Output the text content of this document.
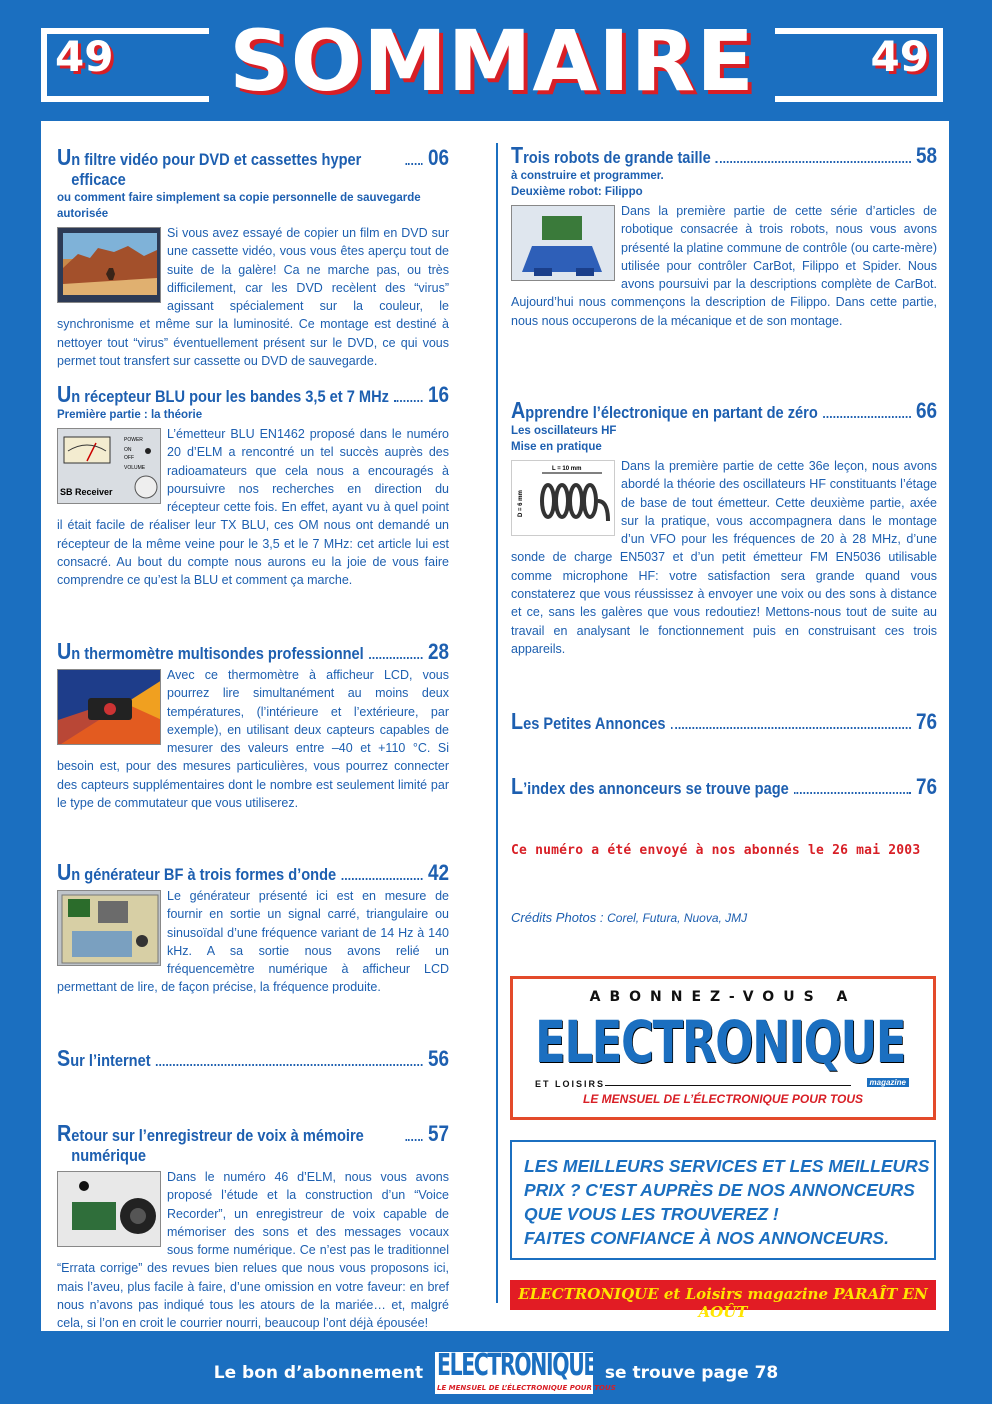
49	SOMMAIRE	49
U n filtre vidéo pour DVD et cassettes hyper efficace
06
ou comment faire simplement sa copie personnelle de sauvegarde autorisée
Si vous avez essayé de copier un film en DVD sur une cassette vidéo, vous vous êtes aperçu tout de suite de la galère! Ca ne marche pas, ou très difficilement, car les DVD recèlent des “virus” agissant spécialement sur la couleur, le synchronisme et même sur la luminosité. Ce montage est destiné à nettoyer tout “virus” éventuellement présent sur le DVD, ce qui vous permet tout transfert sur cassette ou DVD de sauvegarde.
U n récepteur BLU pour les bandes 3,5 et 7 MHz 16
Première partie : la théorie
POWER
ON
OFF
VOLUME
SB Receiver
L’émetteur BLU EN1462 proposé dans le numéro 20 d’ELM a rencontré un tel succès auprès des radioamateurs que cela nous a encouragés à poursuivre nos recherches en direction du récepteur cette fois. En effet, ayant vu à quel point il était facile de réaliser leur TX BLU, ces OM nous ont demandé un récepteur de la même veine pour le 3,5 et le 7 MHz: cet article lui est consacré. Au bout du compte nous aurons eu la joie de vous faire comprendre ce qu’est la BLU et comment ça marche.
U n thermomètre multisondes professionnel	28
Avec ce thermomètre à afficheur LCD, vous pourrez lire simultanément au moins deux températures, (l’intérieure et l’extérieure, par exemple), en utilisant deux capteurs capables de mesurer des valeurs entre –40 et +110 °C. Si besoin est, pour des mesures particulières, vous pourrez connecter des capteurs supplémentaires dont le nombre est seulement limité par le type de commutateur que vous utiliserez.
U n générateur BF à trois formes d’onde	42
Le générateur présenté ici est en mesure de fournir en sortie un signal carré, triangulaire ou sinusoïdal d’une fréquence variant de 14 Hz à 140 kHz. A sa sortie nous avons relié un fréquencemètre numérique à afficheur LCD permettant de lire, de façon précise, la fréquence produite.
S ur l’internet	56
R etour sur l’enregistreur de voix à mémoire numérique
57
Dans le numéro 46 d’ELM, nous vous avons proposé l’étude et la construction d’un “Voice Recorder”, un enregistreur de voix capable de mémoriser des sons et des messages vocaux sous forme numérique. Ce n’est pas le traditionnel “Errata corrige” des revues bien relues que nous vous proposons ici, mais l’aveu, plus facile à faire, d’une omission en votre faveur: en bref nous n’avons pas indiqué tous les atours de la mariée… et, malgré cela, si l’on en croit le courrier nourri, beaucoup l’ont déjà épousée!
T rois robots de grande taille	58
à construire et programmer.
Deuxième robot: Filippo
Dans la première partie de cette série d’articles de robotique consacrée à trois robots, nous vous avons présenté la platine commune de contrôle (ou carte-mère) utilisée pour contrôler CarBot, Filippo et Spider. Nous avons poursuivi par la descriptions complète de CarBot. Aujourd’hui nous commençons la description de Filippo. Dans cette partie, nous nous occuperons de la mécanique et de son montage.
A pprendre l’électronique en partant de zéro	66
Les oscillateurs HF
Mise en pratique
L = 10 mm
D = 6 mm
Dans la première partie de cette 36e leçon, nous avons abordé la théorie des oscillateurs HF constituants l’étage de base de tout émetteur. Cette deuxième partie, axée sur la pratique, vous accompagnera dans le montage d’un VFO pour les fréquences de 20 à 28 MHz, d’une sonde de charge EN5037 et d’un petit émetteur FM EN5036 utilisable comme microphone HF: votre satisfaction sera grande quand vous constaterez que vous réussissez à envoyer une voix ou des sons à distance et ce, sans les galères que vous redoutiez! Mettons-nous tout de suite au travail en analysant le fonctionnement puis en construisant ces trois appareils.
L es Petites Annonces	76
L ’index des annonceurs se trouve page	76
Ce numéro a été envoyé à nos abonnés le 26 mai 2003
Crédits Photos : Corel, Futura, Nuova, JMJ
ABONNEZ-VOUS A
ELECTRONIQUE
ET LOISIRS	magazine
LE MENSUEL DE L’ÉLECTRONIQUE POUR TOUS
LES MEILLEURS SERVICES ET LES MEILLEURS
PRIX ? C'EST AUPRÈS DE NOS ANNONCEURS
QUE VOUS LES TROUVEREZ !
FAITES CONFIANCE À NOS ANNONCEURS.
ELECTRONIQUE et Loisirs magazine PARAÎT EN AOÛT
Le bon d’abonnement ELECTRONIQUE
LE MENSUEL DE L’ÉLECTRONIQUE POUR TOUS
se trouve page 78
